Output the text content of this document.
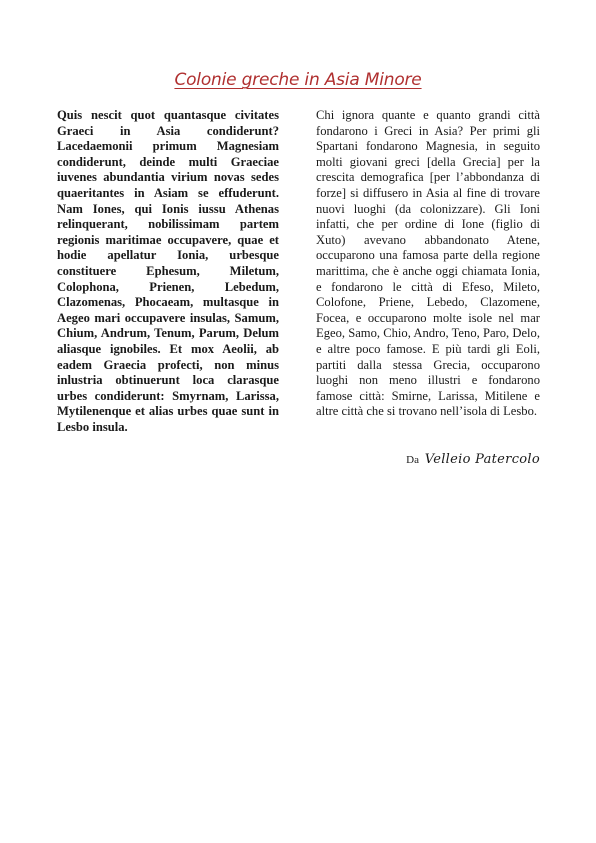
Colonie greche in Asia Minore
Quis nescit quot quantasque civitates Graeci in Asia condiderunt? Lacedaemonii primum Magnesiam condiderunt, deinde multi Graeciae iuvenes abundantia virium novas sedes quaeritantes in Asiam se effuderunt. Nam Iones, qui Ionis iussu Athenas relinquerant, nobilissimam partem regionis maritimae occupavere, quae et hodie apellatur Ionia, urbesque constituere Ephesum, Miletum, Colophona, Prienen, Lebedum, Clazomenas, Phocaeam, multasque in Aegeo mari occupavere insulas, Samum, Chium, Andrum, Tenum, Parum, Delum aliasque ignobiles. Et mox Aeolii, ab eadem Graecia profecti, non minus inlustria obtinuerunt loca clarasque urbes condiderunt: Smyrnam, Larissa, Mytilenenque et alias urbes quae sunt in Lesbo insula.
Chi ignora quante e quanto grandi città fondarono i Greci in Asia? Per primi gli Spartani fondarono Magnesia, in seguito molti giovani greci [della Grecia] per la crescita demografica [per l’abbondanza di forze] si diffusero in Asia al fine di trovare nuovi luoghi (da colonizzare). Gli Ioni infatti, che per ordine di Ione (figlio di Xuto) avevano abbandonato Atene, occuparono una famosa parte della regione marittima, che è anche oggi chiamata Ionia, e fondarono le città di Efeso, Mileto, Colofone, Priene, Lebedo, Clazomene, Focea, e occuparono molte isole nel mar Egeo, Samo, Chio, Andro, Teno, Paro, Delo, e altre poco famose. E più tardi gli Eoli, partiti dalla stessa Grecia, occuparono luoghi non meno illustri e fondarono famose città: Smirne, Larissa, Mitilene e altre città che si trovano nell’isola di Lesbo.
Da Velleio Patercolo
